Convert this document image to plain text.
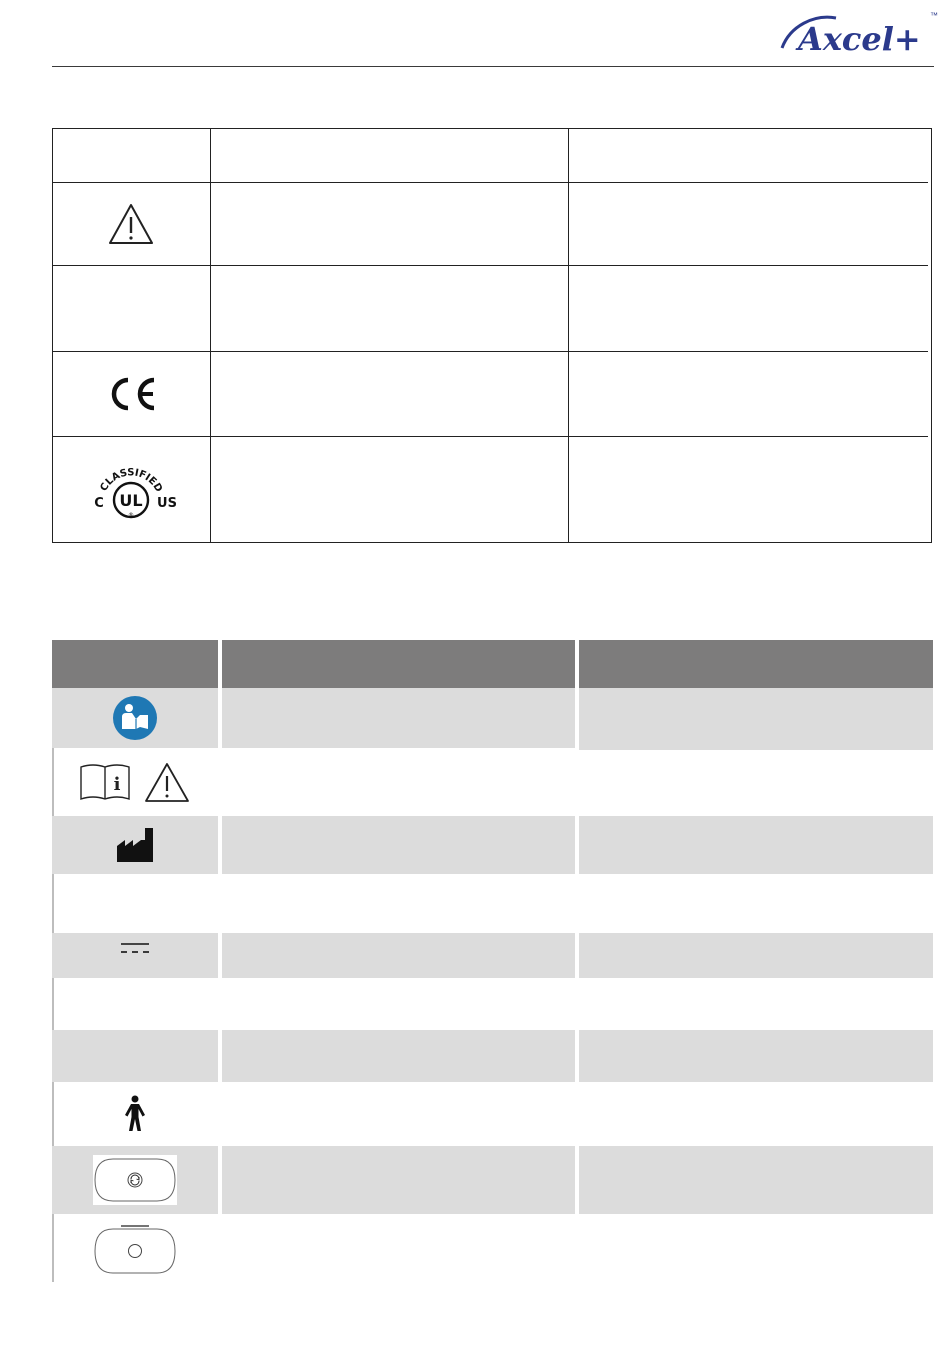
Axcel+
™
CLASSIFIED
UL
®
C	US
i
